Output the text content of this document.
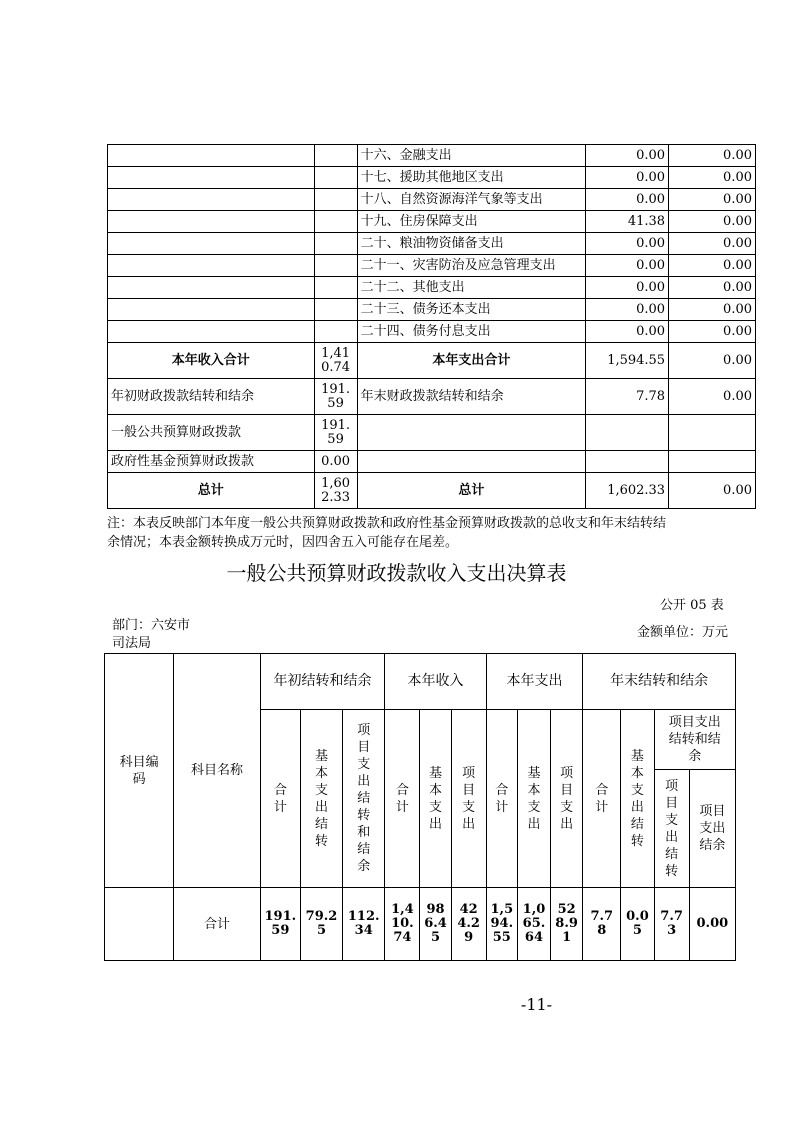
		十六、金融支出	0.00	0.00
		十七、援助其他地区支出	0.00	0.00
		十八、自然资源海洋气象等支出	0.00	0.00
		十九、住房保障支出	41.38	0.00
		二十、粮油物资储备支出	0.00	0.00
		二十一、灾害防治及应急管理支出	0.00	0.00
		二十二、其他支出	0.00	0.00
		二十三、债务还本支出	0.00	0.00
		二十四、债务付息支出	0.00	0.00
本年收入合计	1,410.74	本年支出合计	1,594.55	0.00
年初财政拨款结转和结余	191.59	年末财政拨款结转和结余	7.78	0.00
一般公共预算财政拨款	191.59			
政府性基金预算财政拨款	0.00			
总计	1,602.33	总计	1,602.33	0.00
注：本表反映部门本年度一般公共预算财政拨款和政府性基金预算财政拨款的总收支和年末结转结
余情况；本表金额转换成万元时，因四舍五入可能存在尾差。
一般公共预算财政拨款收入支出决算表
公开 05 表
部门：六安市
司法局
金额单位：万元
科目编码	科目名称	年初结转和结余			本年收入			本年支出			年末结转和结余			
		合计	基本支出结转	项目支出结转和结余	合计	基本支出	项目支出	合计	基本支出	项目支出	合计	基本支出结转	项目支出结转和结余	
													项目支出结转	项目支出结余
	合计	191.59	79.25	112.34	1,410.74	986.45	424.29	1,594.55	1,065.64	528.91	7.78	0.05	7.73	0.00
-11-
